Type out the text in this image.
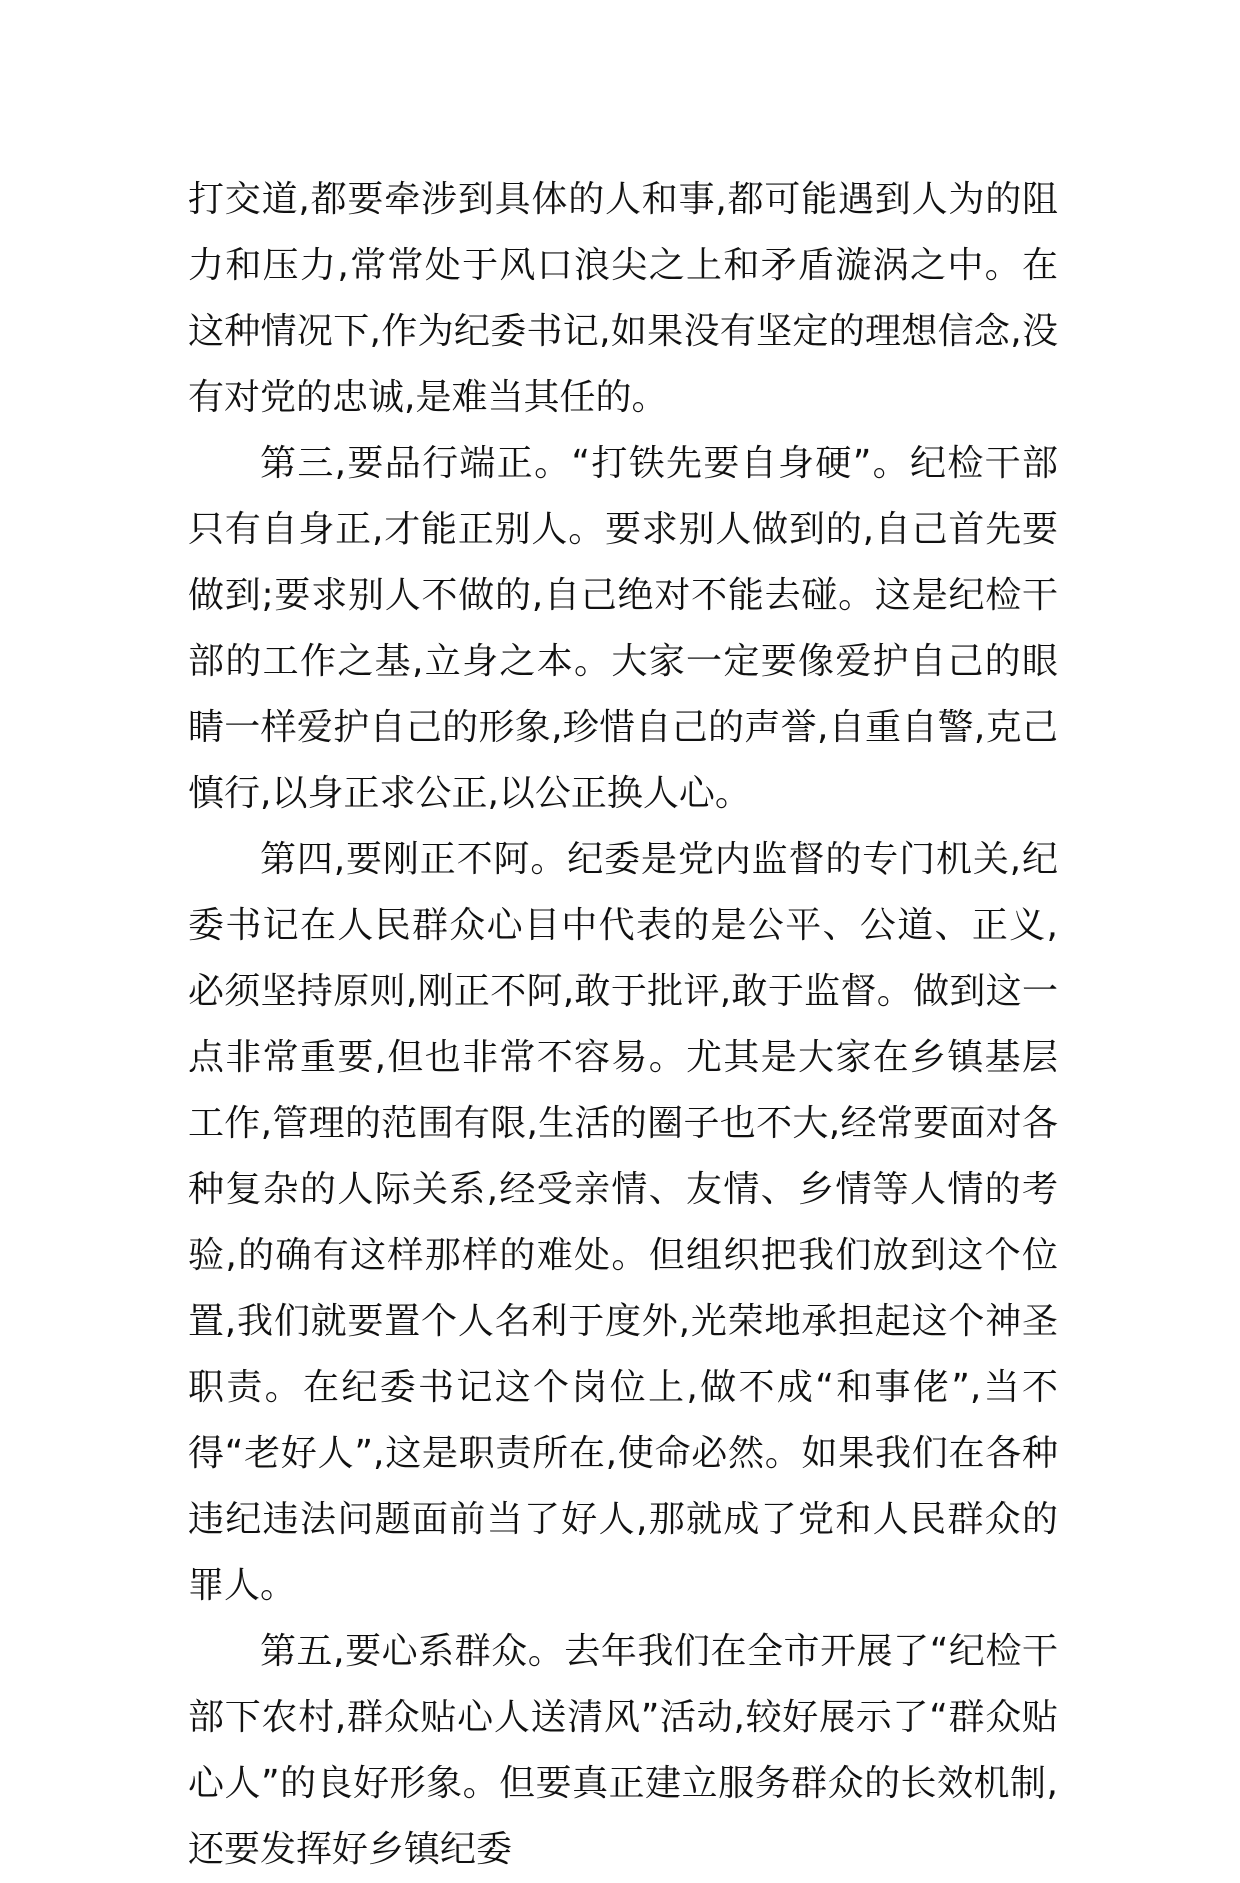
打交道,都要牵涉到具体的人和事,都可能遇到人为的阻力和压力,常常处于风口浪尖之上和矛盾漩涡之中。在这种情况下,作为纪委书记,如果没有坚定的理想信念,没有对党的忠诚,是难当其任的。

第三,要品行端正。“打铁先要自身硬”。纪检干部只有自身正,才能正别人。要求别人做到的,自己首先要做到;要求别人不做的,自己绝对不能去碰。这是纪检干部的工作之基,立身之本。大家一定要像爱护自己的眼睛一样爱护自己的形象,珍惜自己的声誉,自重自警,克己慎行,以身正求公正,以公正换人心。

第四,要刚正不阿。纪委是党内监督的专门机关,纪委书记在人民群众心目中代表的是公平、公道、正义,必须坚持原则,刚正不阿,敢于批评,敢于监督。做到这一点非常重要,但也非常不容易。尤其是大家在乡镇基层工作,管理的范围有限,生活的圈子也不大,经常要面对各种复杂的人际关系,经受亲情、友情、乡情等人情的考验,的确有这样那样的难处。但组织把我们放到这个位置,我们就要置个人名利于度外,光荣地承担起这个神圣职责。在纪委书记这个岗位上,做不成“和事佬”,当不得“老好人”,这是职责所在,使命必然。如果我们在各种违纪违法问题面前当了好人,那就成了党和人民群众的罪人。

第五,要心系群众。去年我们在全市开展了“纪检干部下农村,群众贴心人送清风”活动,较好展示了“群众贴心人”的良好形象。但要真正建立服务群众的长效机制,还要发挥好乡镇纪委
